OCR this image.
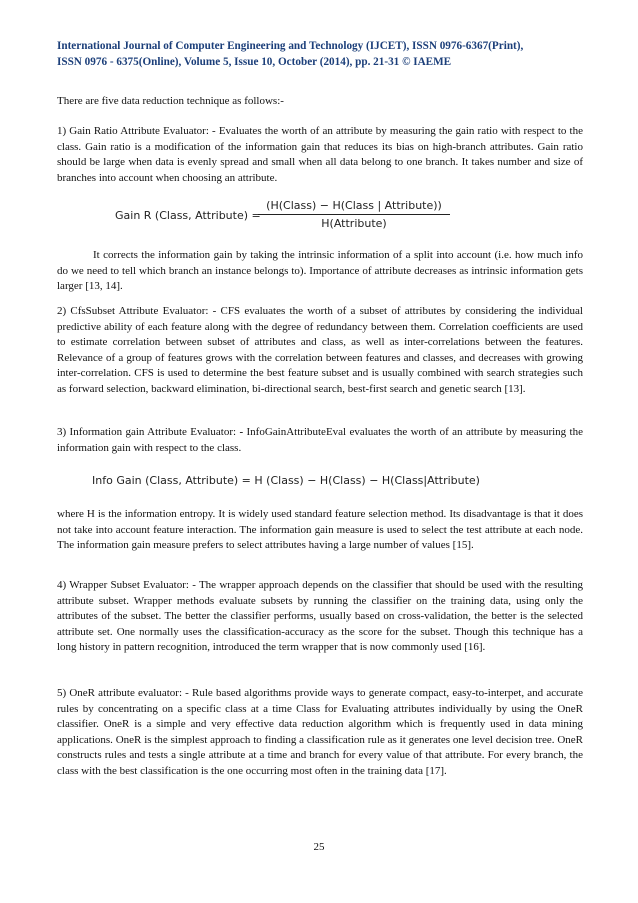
International Journal of Computer Engineering and Technology (IJCET), ISSN 0976-6367(Print),
ISSN 0976 - 6375(Online), Volume 5, Issue 10, October (2014), pp. 21-31 © IAEME

There are five data reduction technique as follows:-

1) Gain Ratio Attribute Evaluator: - Evaluates the worth of an attribute by measuring the gain ratio with respect to the class. Gain ratio is a modification of the information gain that reduces its bias on high-branch attributes. Gain ratio should be large when data is evenly spread and small when all data belong to one branch. It takes number and size of branches into account when choosing an attribute.

Gain R (Class, Attribute) =
(H(Class) − H(Class | Attribute))
H(Attribute)

It corrects the information gain by taking the intrinsic information of a split into account (i.e. how much info do we need to tell which branch an instance belongs to). Importance of attribute decreases as intrinsic information gets larger [13, 14].

2) CfsSubset Attribute Evaluator: - CFS evaluates the worth of a subset of attributes by considering the individual predictive ability of each feature along with the degree of redundancy between them. Correlation coefficients are used to estimate correlation between subset of attributes and class, as well as inter-correlations between the features. Relevance of a group of features grows with the correlation between features and classes, and decreases with growing inter-correlation. CFS is used to determine the best feature subset and is usually combined with search strategies such as forward selection, backward elimination, bi-directional search, best-first search and genetic search [13].

3) Information gain Attribute Evaluator: - InfoGainAttributeEval evaluates the worth of an attribute by measuring the information gain with respect to the class.

Info Gain (Class, Attribute) = H (Class) − H(Class) − H(Class|Attribute)

where H is the information entropy. It is widely used standard feature selection method. Its disadvantage is that it does not take into account feature interaction. The information gain measure is used to select the test attribute at each node. The information gain measure prefers to select attributes having a large number of values [15].

4) Wrapper Subset Evaluator: - The wrapper approach depends on the classifier that should be used with the resulting attribute subset. Wrapper methods evaluate subsets by running the classifier on the training data, using only the attributes of the subset. The better the classifier performs, usually based on cross-validation, the better is the selected attribute set. One normally uses the classification-accuracy as the score for the subset. Though this technique has a long history in pattern recognition, introduced the term wrapper that is now commonly used [16].

5) OneR attribute evaluator: - Rule based algorithms provide ways to generate compact, easy-to-interpet, and accurate rules by concentrating on a specific class at a time Class for Evaluating attributes individually by using the OneR classifier. OneR is a simple and very effective data reduction algorithm which is frequently used in data mining applications. OneR is the simplest approach to finding a classification rule as it generates one level decision tree. OneR constructs rules and tests a single attribute at a time and branch for every value of that attribute. For every branch, the class with the best classification is the one occurring most often in the training data [17].

25
